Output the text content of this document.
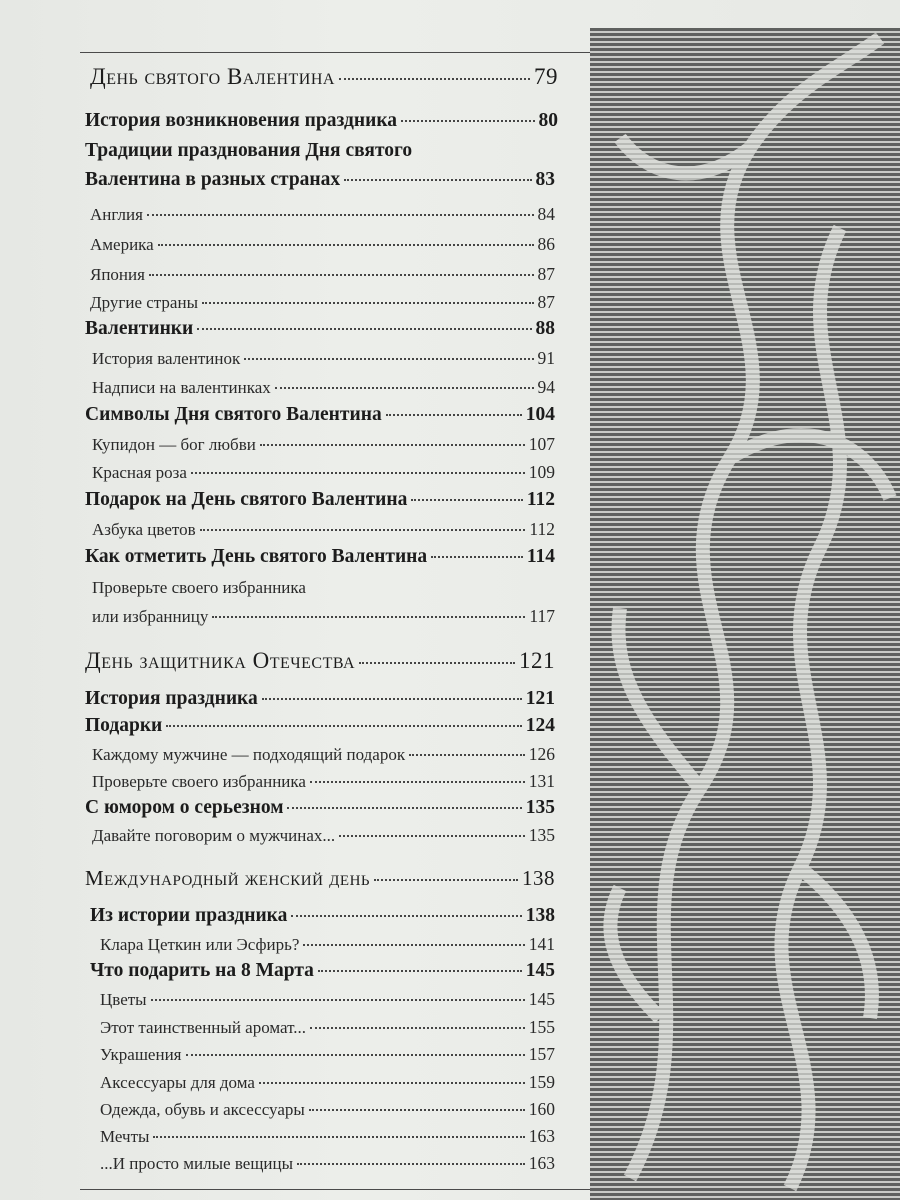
День святого Валентина	79
История возникновения праздника	80
Традиции празднования Дня святого
Валентина в разных странах	83
Англия	84
Америка	86
Япония	87
Другие страны	87
Валентинки	88
История валентинок	91
Надписи на валентинках	94
Символы Дня святого Валентина	104
Купидон — бог любви	107
Красная роза	109
Подарок на День святого Валентина	112
Азбука цветов	112
Как отметить День святого Валентина	114
Проверьте своего избранника
или избранницу	117
День защитника Отечества	121
История праздника	121
Подарки	124
Каждому мужчине — подходящий подарок	126
Проверьте своего избранника	131
С юмором о серьезном	135
Давайте поговорим о мужчинах...	135
Международный женский день	138
Из истории праздника	138
Клара Цеткин или Эсфирь?	141
Что подарить на 8 Марта	145
Цветы	145
Этот таинственный аромат...	155
Украшения	157
Аксессуары для дома	159
Одежда, обувь и аксессуары	160
Мечты	163
...И просто милые вещицы	163
